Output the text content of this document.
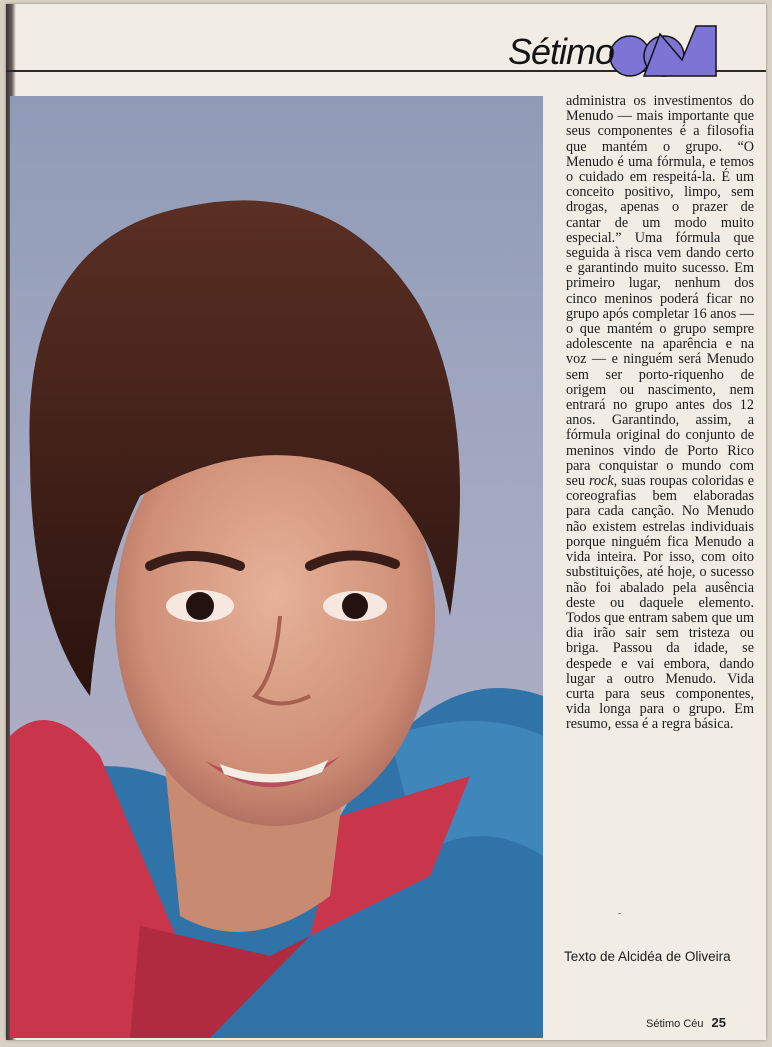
Sétimo
administra os investimentos do Menudo — mais importante que seus componentes é a filosofia que mantém o grupo. “O Menudo é uma fórmula, e temos o cuidado em respeitá-la. É um conceito positivo, limpo, sem drogas, apenas o prazer de cantar de um modo muito especial.” Uma fórmula que seguida à risca vem dando certo e garantindo muito sucesso. Em primeiro lugar, nenhum dos cinco meninos poderá ficar no grupo após completar 16 anos — o que mantém o grupo sempre adolescente na aparência e na voz — e ninguém será Menudo sem ser porto-riquenho de origem ou nascimento, nem entrará no grupo antes dos 12 anos. Garantindo, assim, a fórmula original do conjunto de meninos vindo de Porto Rico para conquistar o mundo com seu rock, suas roupas coloridas e coreografias bem elaboradas para cada canção. No Menudo não existem estrelas individuais porque ninguém fica Menudo a vida inteira. Por isso, com oito substituições, até hoje, o sucesso não foi abalado pela ausência deste ou daquele elemento. Todos que entram sabem que um dia irão sair sem tristeza ou briga. Passou da idade, se despede e vai embora, dando lugar a outro Menudo. Vida curta para seus componentes, vida longa para o grupo. Em resumo, essa é a regra básica.
˜
Texto de Alcidéa de Oliveira
Sétimo Céu 25
